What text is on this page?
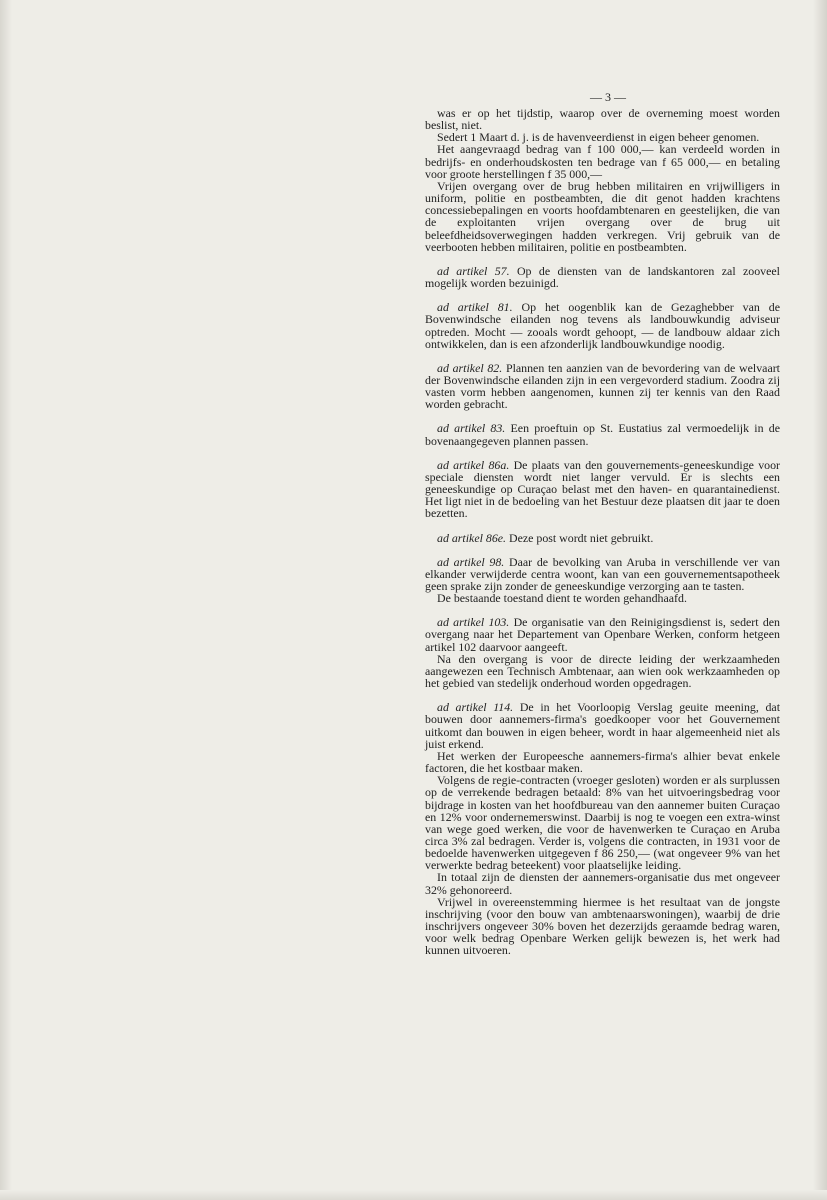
— 3 —

was er op het tijdstip, waarop over de overneming moest worden beslist, niet.

Sedert 1 Maart d. j. is de havenveerdienst in eigen beheer genomen.

Het aangevraagd bedrag van f 100 000,— kan verdeeld worden in bedrijfs- en onderhoudskosten ten bedrage van f 65 000,— en betaling voor groote herstellingen f 35 000,—

Vrijen overgang over de brug hebben militairen en vrijwilligers in uniform, politie en postbeambten, die dit genot hadden krachtens concessiebepalingen en voorts hoofdambtenaren en geestelijken, die van de exploitanten vrijen overgang over de brug uit beleefdheidsoverwegingen hadden verkregen. Vrij gebruik van de veerbooten hebben militairen, politie en postbeambten.

ad artikel 57. Op de diensten van de landskantoren zal zooveel mogelijk worden bezuinigd.

ad artikel 81. Op het oogenblik kan de Gezaghebber van de Bovenwindsche eilanden nog tevens als landbouwkundig adviseur optreden. Mocht — zooals wordt gehoopt, — de landbouw aldaar zich ontwikkelen, dan is een afzonderlijk landbouwkundige noodig.

ad artikel 82. Plannen ten aanzien van de bevordering van de welvaart der Bovenwindsche eilanden zijn in een vergevorderd stadium. Zoodra zij vasten vorm hebben aangenomen, kunnen zij ter kennis van den Raad worden gebracht.

ad artikel 83. Een proeftuin op St. Eustatius zal vermoedelijk in de bovenaangegeven plannen passen.

ad artikel 86a. De plaats van den gouvernements-geneeskundige voor speciale diensten wordt niet langer vervuld. Er is slechts een geneeskundige op Curaçao belast met den haven- en quarantainedienst. Het ligt niet in de bedoeling van het Bestuur deze plaatsen dit jaar te doen bezetten.

ad artikel 86e. Deze post wordt niet gebruikt.

ad artikel 98. Daar de bevolking van Aruba in verschillende ver van elkander verwijderde centra woont, kan van een gouvernementsapotheek geen sprake zijn zonder de geneeskundige verzorging aan te tasten.

De bestaande toestand dient te worden gehandhaafd.

ad artikel 103. De organisatie van den Reinigingsdienst is, sedert den overgang naar het Departement van Openbare Werken, conform hetgeen artikel 102 daarvoor aangeeft.

Na den overgang is voor de directe leiding der werkzaamheden aangewezen een Technisch Ambtenaar, aan wien ook werkzaamheden op het gebied van stedelijk onderhoud worden opgedragen.

ad artikel 114. De in het Voorloopig Verslag geuite meening, dat bouwen door aannemers-firma's goedkooper voor het Gouvernement uitkomt dan bouwen in eigen beheer, wordt in haar algemeenheid niet als juist erkend.

Het werken der Europeesche aannemers-firma's alhier bevat enkele factoren, die het kostbaar maken.

Volgens de regie-contracten (vroeger gesloten) worden er als surplussen op de verrekende bedragen betaald: 8% van het uitvoeringsbedrag voor bijdrage in kosten van het hoofdbureau van den aannemer buiten Curaçao en 12% voor ondernemerswinst. Daarbij is nog te voegen een extra-winst van wege goed werken, die voor de havenwerken te Curaçao en Aruba circa 3% zal bedragen. Verder is, volgens die contracten, in 1931 voor de bedoelde havenwerken uitgegeven f 86 250,— (wat ongeveer 9% van het verwerkte bedrag beteekent) voor plaatselijke leiding.

In totaal zijn de diensten der aannemers-organisatie dus met ongeveer 32% gehonoreerd.

Vrijwel in overeenstemming hiermee is het resultaat van de jongste inschrijving (voor den bouw van ambtenaarswoningen), waarbij de drie inschrijvers ongeveer 30% boven het dezerzijds geraamde bedrag waren, voor welk bedrag Openbare Werken gelijk bewezen is, het werk had kunnen uitvoeren.
